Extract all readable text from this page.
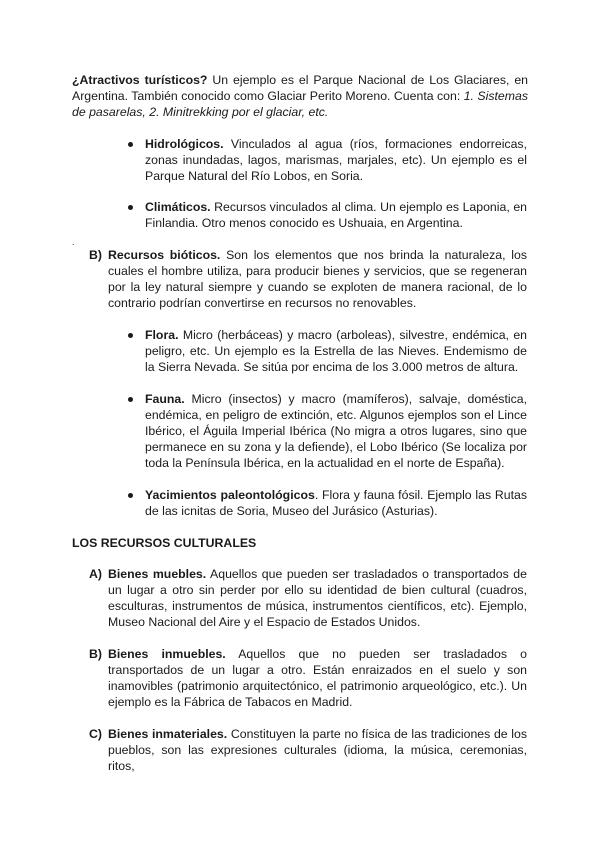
¿Atractivos turísticos? Un ejemplo es el Parque Nacional de Los Glaciares, en Argentina. También conocido como Glaciar Perito Moreno. Cuenta con: 1. Sistemas de pasarelas, 2. Minitrekking por el glaciar, etc.

Hidrológicos. Vinculados al agua (ríos, formaciones endorreicas, zonas inundadas, lagos, marismas, marjales, etc). Un ejemplo es el Parque Natural del Río Lobos, en Soria.

Climáticos. Recursos vinculados al clima. Un ejemplo es Laponia, en Finlandia. Otro menos conocido es Ushuaia, en Argentina.

.
B) Recursos bióticos. Son los elementos que nos brinda la naturaleza, los cuales el hombre utiliza, para producir bienes y servicios, que se regeneran por la ley natural siempre y cuando se exploten de manera racional, de lo contrario podrían convertirse en recursos no renovables.

Flora. Micro (herbáceas) y macro (arboleas), silvestre, endémica, en peligro, etc. Un ejemplo es la Estrella de las Nieves. Endemismo de la Sierra Nevada. Se sitúa por encima de los 3.000 metros de altura.

Fauna. Micro (insectos) y macro (mamíferos), salvaje, doméstica, endémica, en peligro de extinción, etc. Algunos ejemplos son el Lince Ibérico, el Águila Imperial Ibérica (No migra a otros lugares, sino que permanece en su zona y la defiende), el Lobo Ibérico (Se localiza por toda la Península Ibérica, en la actualidad en el norte de España).

Yacimientos paleontológicos. Flora y fauna fósil. Ejemplo las Rutas de las icnitas de Soria, Museo del Jurásico (Asturias).

LOS RECURSOS CULTURALES
A) Bienes muebles. Aquellos que pueden ser trasladados o transportados de un lugar a otro sin perder por ello su identidad de bien cultural (cuadros, esculturas, instrumentos de música, instrumentos científicos, etc). Ejemplo, Museo Nacional del Aire y el Espacio de Estados Unidos.

B) Bienes inmuebles. Aquellos que no pueden ser trasladados o transportados de un lugar a otro. Están enraizados en el suelo y son inamovibles (patrimonio arquitectónico, el patrimonio arqueológico, etc.). Un ejemplo es la Fábrica de Tabacos en Madrid.

C) Bienes inmateriales. Constituyen la parte no física de las tradiciones de los pueblos, son las expresiones culturales (idioma, la música, ceremonias, ritos,
